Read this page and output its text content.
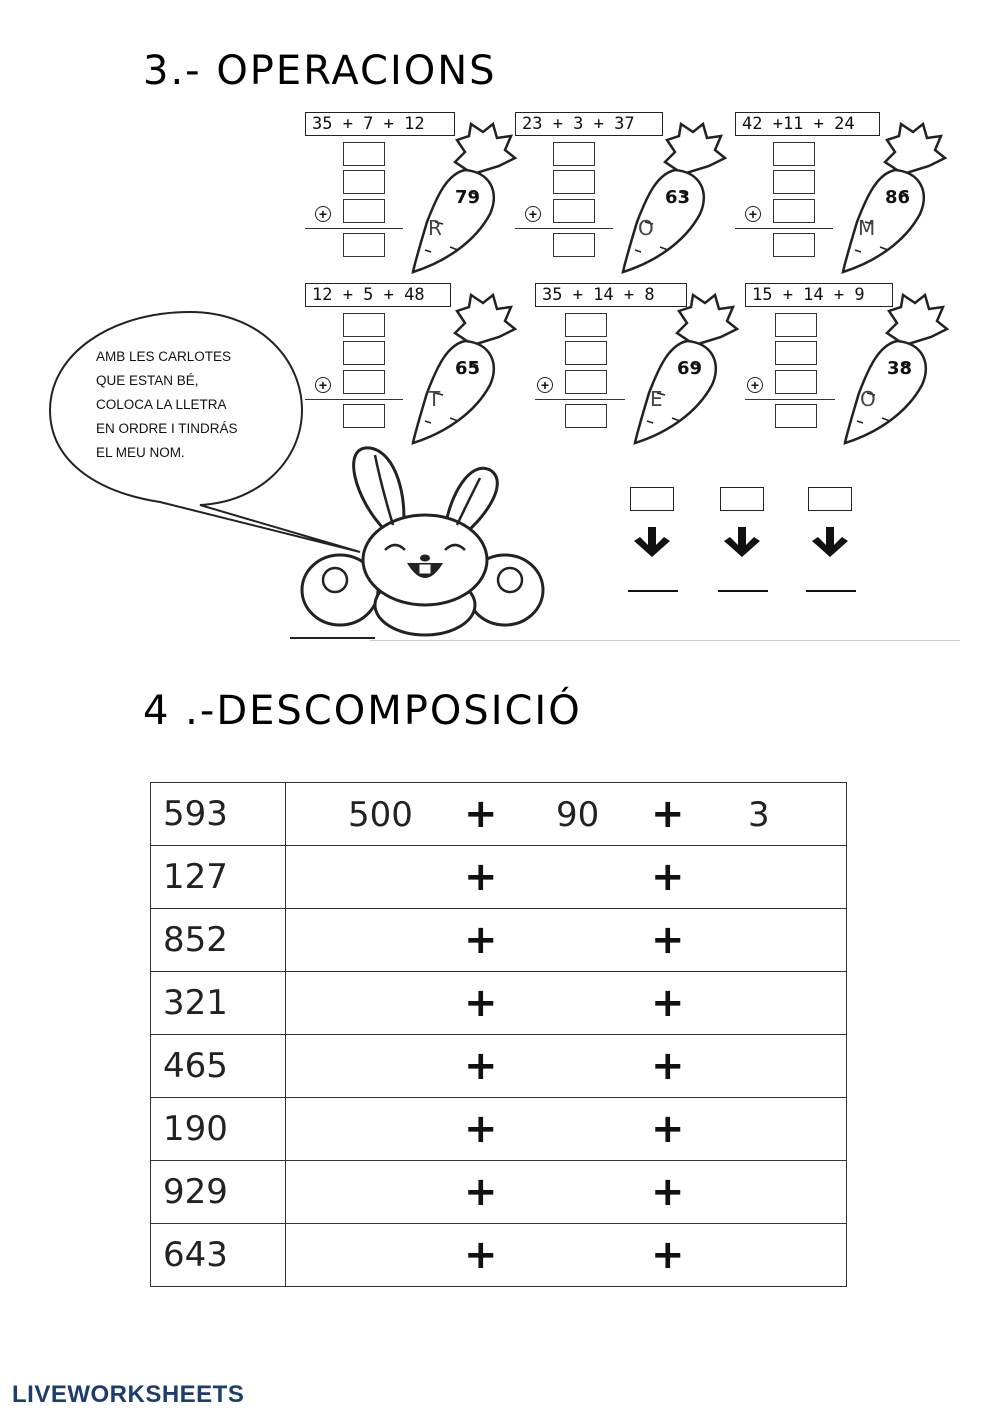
3.- OPERACIONS
35 + 7 + 12
+
79
R
23 + 3 + 37
+
63
O
42 +11 + 24
+
86
M
12 + 5 + 48
+
65
T
35 + 14 + 8
+
69
E
15 + 14 + 9
+
38
O
AMB LES CARLOTES
QUE ESTAN BÉ,
COLOCA LA LLETRA
EN ORDRE I TINDRÁS
EL MEU NOM.
4 .-DESCOMPOSICIÓ
593	500 + 90 + 3

127	+ +

852	+ +

321	+ +

465	+ +

190	+ +

929	+ +

643	+ +
LIVEWORKSHEETS
